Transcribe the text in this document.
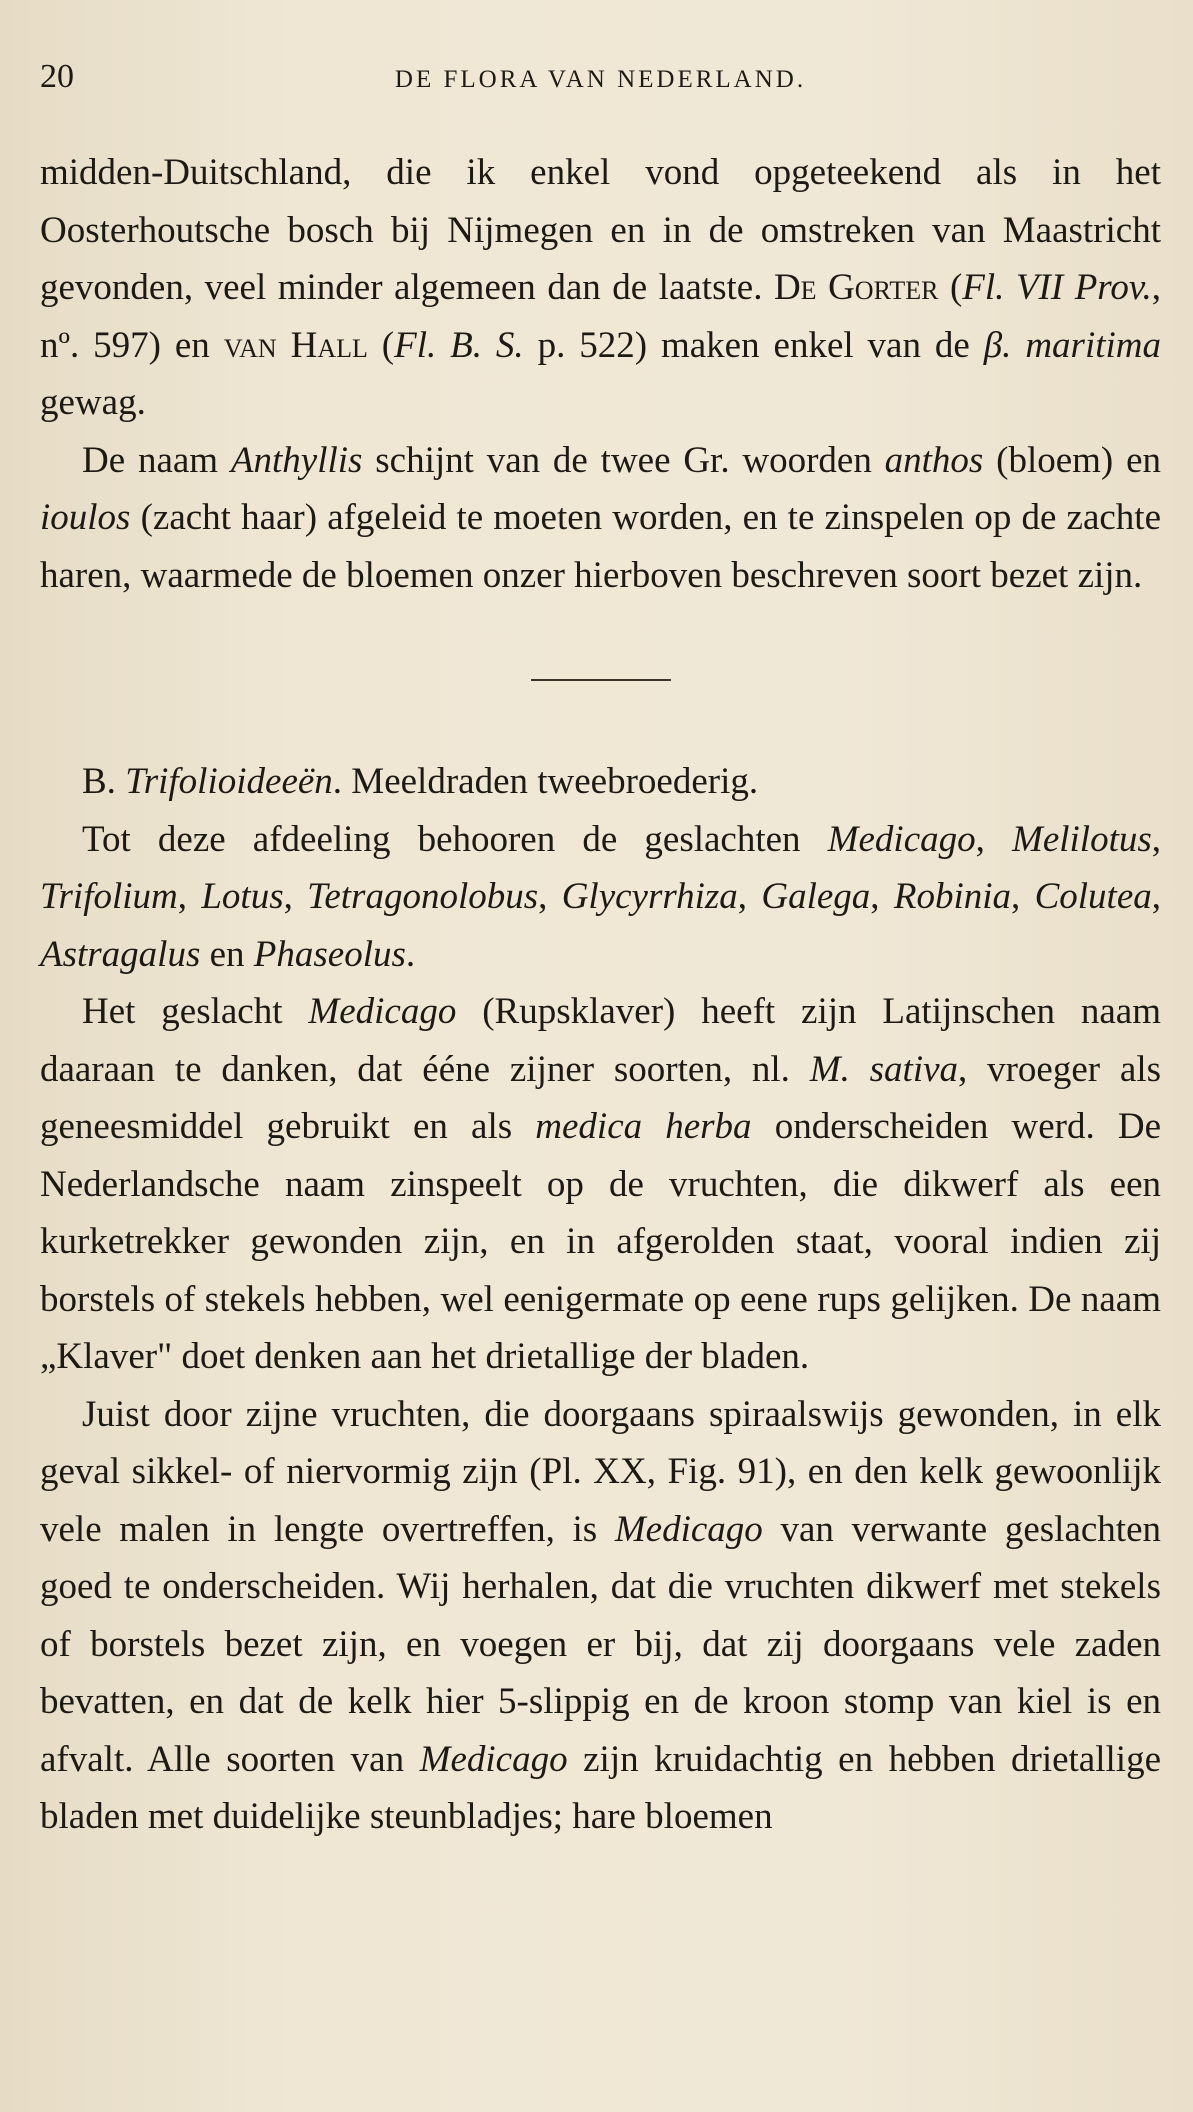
20	DE FLORA VAN NEDERLAND.

midden-Duitschland, die ik enkel vond opgeteekend als in het Oosterhoutsche bosch bij Nijmegen en in de omstreken van Maastricht gevonden, veel minder algemeen dan de laatste. De Gorter (Fl. VII Prov., nº. 597) en van Hall (Fl. B. S. p. 522) maken enkel van de β. maritima gewag.

De naam Anthyllis schijnt van de twee Gr. woorden anthos (bloem) en ioulos (zacht haar) afgeleid te moeten worden, en te zinspelen op de zachte haren, waarmede de bloemen onzer hierboven beschreven soort bezet zijn.

B. Trifolioideeën. Meeldraden tweebroederig.

Tot deze afdeeling behooren de geslachten Medicago, Melilotus, Trifolium, Lotus, Tetragonolobus, Glycyrrhiza, Galega, Robinia, Colutea, Astragalus en Phaseolus.

Het geslacht Medicago (Rupsklaver) heeft zijn Latijnschen naam daaraan te danken, dat ééne zijner soorten, nl. M. sativa, vroeger als geneesmiddel gebruikt en als medica herba onderscheiden werd. De Nederlandsche naam zinspeelt op de vruchten, die dikwerf als een kurketrekker gewonden zijn, en in afgerolden staat, vooral indien zij borstels of stekels hebben, wel eenigermate op eene rups gelijken. De naam „Klaver" doet denken aan het drietallige der bladen.

Juist door zijne vruchten, die doorgaans spiraalswijs gewonden, in elk geval sikkel- of niervormig zijn (Pl. XX, Fig. 91), en den kelk gewoonlijk vele malen in lengte overtreffen, is Medicago van verwante geslachten goed te onderscheiden. Wij herhalen, dat die vruchten dikwerf met stekels of borstels bezet zijn, en voegen er bij, dat zij doorgaans vele zaden bevatten, en dat de kelk hier 5-slippig en de kroon stomp van kiel is en afvalt. Alle soorten van Medicago zijn kruidachtig en hebben drietallige bladen met duidelijke steunbladjes; hare bloemen
